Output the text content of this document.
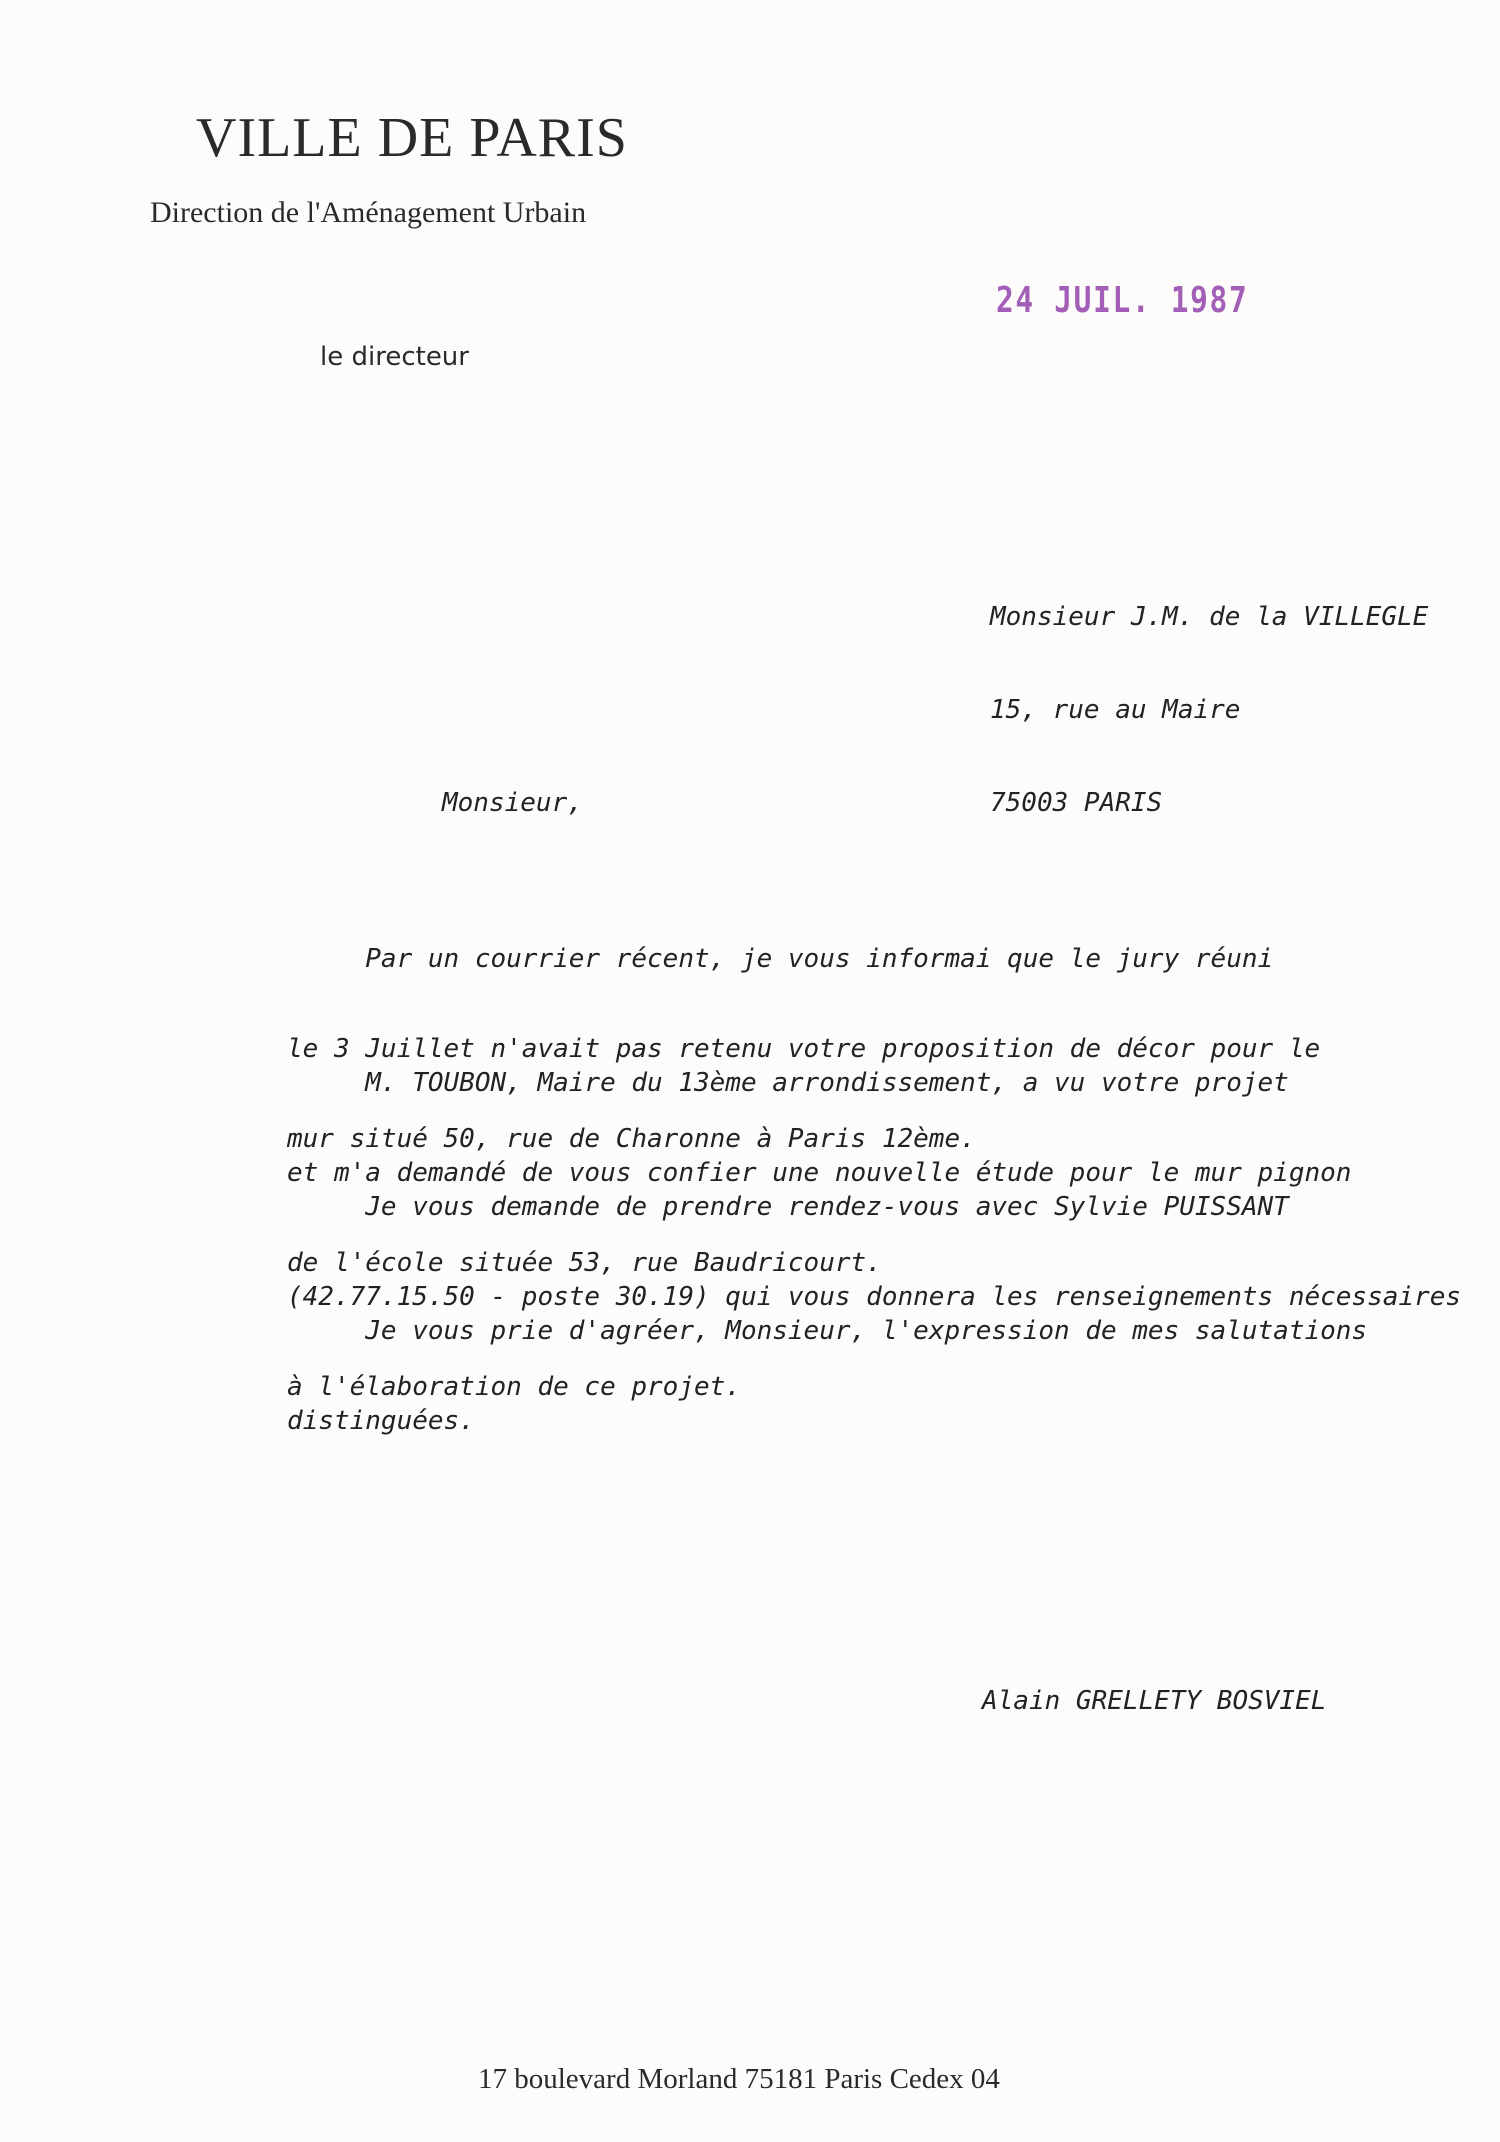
VILLE DE PARIS
Direction de l'Aménagement Urbain
le directeur
24 JUIL. 1987

Monsieur J.M. de la VILLEGLE

15, rue au Maire

75003 PARIS

Monsieur,

Par un courrier récent, je vous informai que le jury réuni

le 3 Juillet n'avait pas retenu votre proposition de décor pour le

mur situé 50, rue de Charonne à Paris 12ème.

M. TOUBON, Maire du 13ème arrondissement, a vu votre projet

et m'a demandé de vous confier une nouvelle étude pour le mur pignon

de l'école située 53, rue Baudricourt.

Je vous demande de prendre rendez-vous avec Sylvie PUISSANT

(42.77.15.50 - poste 30.19) qui vous donnera les renseignements nécessaires

à l'élaboration de ce projet.

Je vous prie d'agréer, Monsieur, l'expression de mes salutations

distinguées.

Alain GRELLETY BOSVIEL
17 boulevard Morland 75181 Paris Cedex 04
